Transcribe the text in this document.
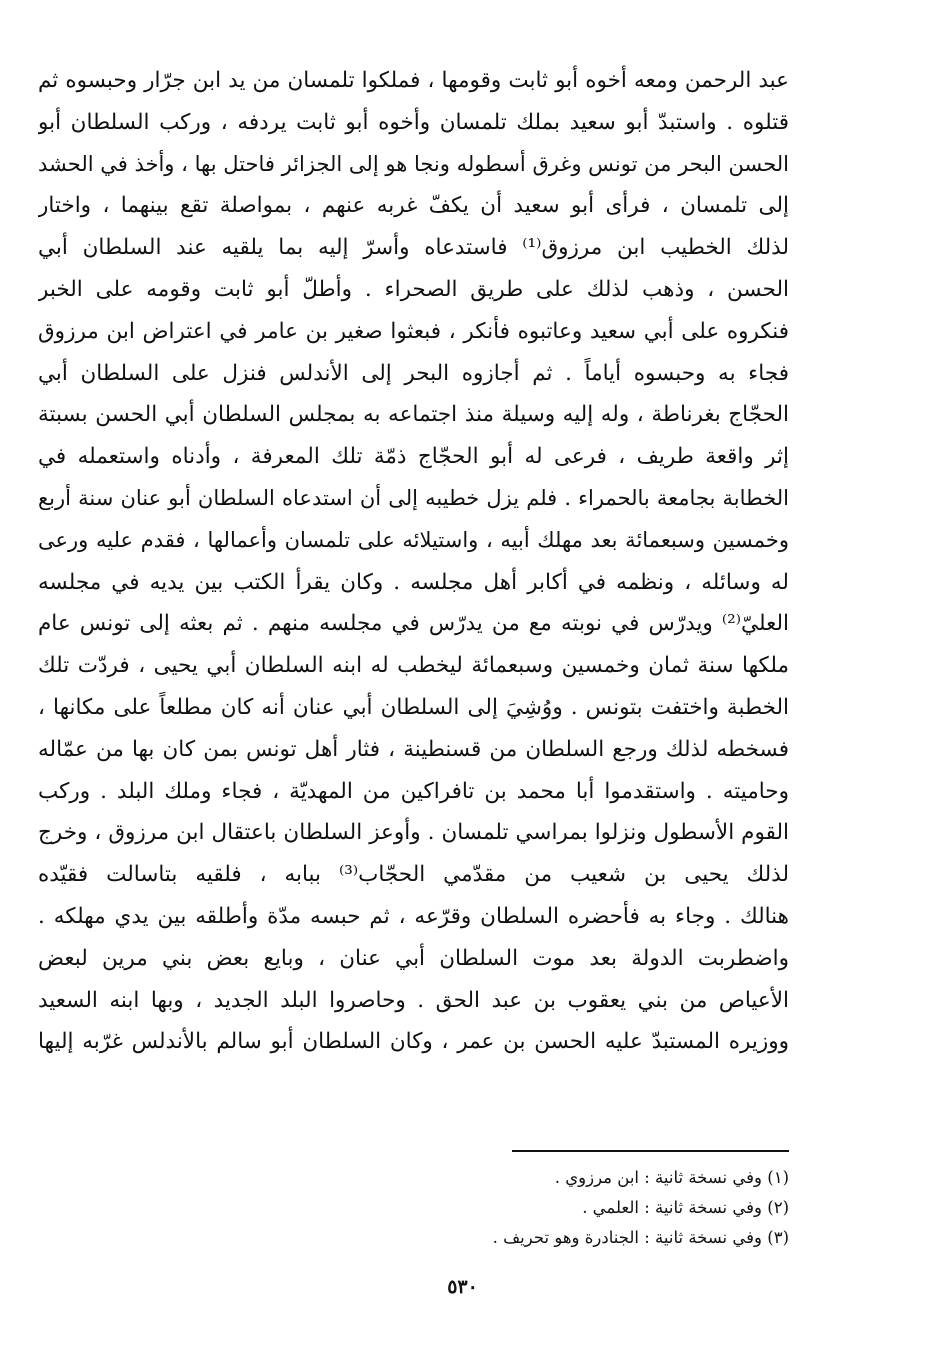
عبد الرحمن ومعه أخوه أبو ثابت وقومها ، فملكوا تلمسان من يد ابن جرّار وحبسوه ثم
قتلوه . واستبدّ أبو سعيد بملك تلمسان وأخوه أبو ثابت يردفه ، وركب السلطان أبو
الحسن البحر من تونس وغرق أسطوله ونجا هو إلى الجزائر فاحتل بها ، وأخذ في الحشد
إلى تلمسان ، فرأى أبو سعيد أن يكفّ غربه عنهم ، بمواصلة تقع بينهما ، واختار
لذلك الخطيب ابن مرزوق⁽¹⁾ فاستدعاه وأسرّ إليه بما يلقيه عند السلطان أبي
الحسن ، وذهب لذلك على طريق الصحراء . وأطلّ أبو ثابت وقومه على الخبر
فنكروه على أبي سعيد وعاتبوه فأنكر ، فبعثوا صغير بن عامر في اعتراض ابن مرزوق
فجاء به وحبسوه أياماً . ثم أجازوه البحر إلى الأندلس فنزل على السلطان أبي
الحجّاج بغرناطة ، وله إليه وسيلة منذ اجتماعه به بمجلس السلطان أبي الحسن بسبتة
إثر واقعة طريف ، فرعى له أبو الحجّاج ذمّة تلك المعرفة ، وأدناه واستعمله في
الخطابة بجامعة بالحمراء . فلم يزل خطيبه إلى أن استدعاه السلطان أبو عنان سنة أربع
وخمسين وسبعمائة بعد مهلك أبيه ، واستيلائه على تلمسان وأعمالها ، فقدم عليه ورعى
له وسائله ، ونظمه في أكابر أهل مجلسه . وكان يقرأ الكتب بين يديه في مجلسه
العليّ⁽²⁾ ويدرّس في نوبته مع من يدرّس في مجلسه منهم . ثم بعثه إلى تونس عام
ملكها سنة ثمان وخمسين وسبعمائة ليخطب له ابنه السلطان أبي يحيى ، فردّت تلك
الخطبة واختفت بتونس . ووُشِيَ إلى السلطان أبي عنان أنه كان مطلعاً على مكانها ،
فسخطه لذلك ورجع السلطان من قسنطينة ، فثار أهل تونس بمن كان بها من عمّاله
وحاميته . واستقدموا أبا محمد بن تافراكين من المهديّة ، فجاء وملك البلد . وركب
القوم الأسطول ونزلوا بمراسي تلمسان . وأوعز السلطان باعتقال ابن مرزوق ، وخرج
لذلك يحيى بن شعيب من مقدّمي الحجّاب⁽³⁾ ببابه ، فلقيه بتاسالت فقيّده
هنالك . وجاء به فأحضره السلطان وقرّعه ، ثم حبسه مدّة وأطلقه بين يدي مهلكه .
واضطربت الدولة بعد موت السلطان أبي عنان ، وبايع بعض بني مرين لبعض
الأعياص من بني يعقوب بن عبد الحق . وحاصروا البلد الجديد ، وبها ابنه السعيد
ووزيره المستبدّ عليه الحسن بن عمر ، وكان السلطان أبو سالم بالأندلس غرّبه إليها
(١) وفي نسخة ثانية : ابن مرزوي .
(٢) وفي نسخة ثانية : العلمي .
(٣) وفي نسخة ثانية : الجنادرة وهو تحريف .
٥٣٠
